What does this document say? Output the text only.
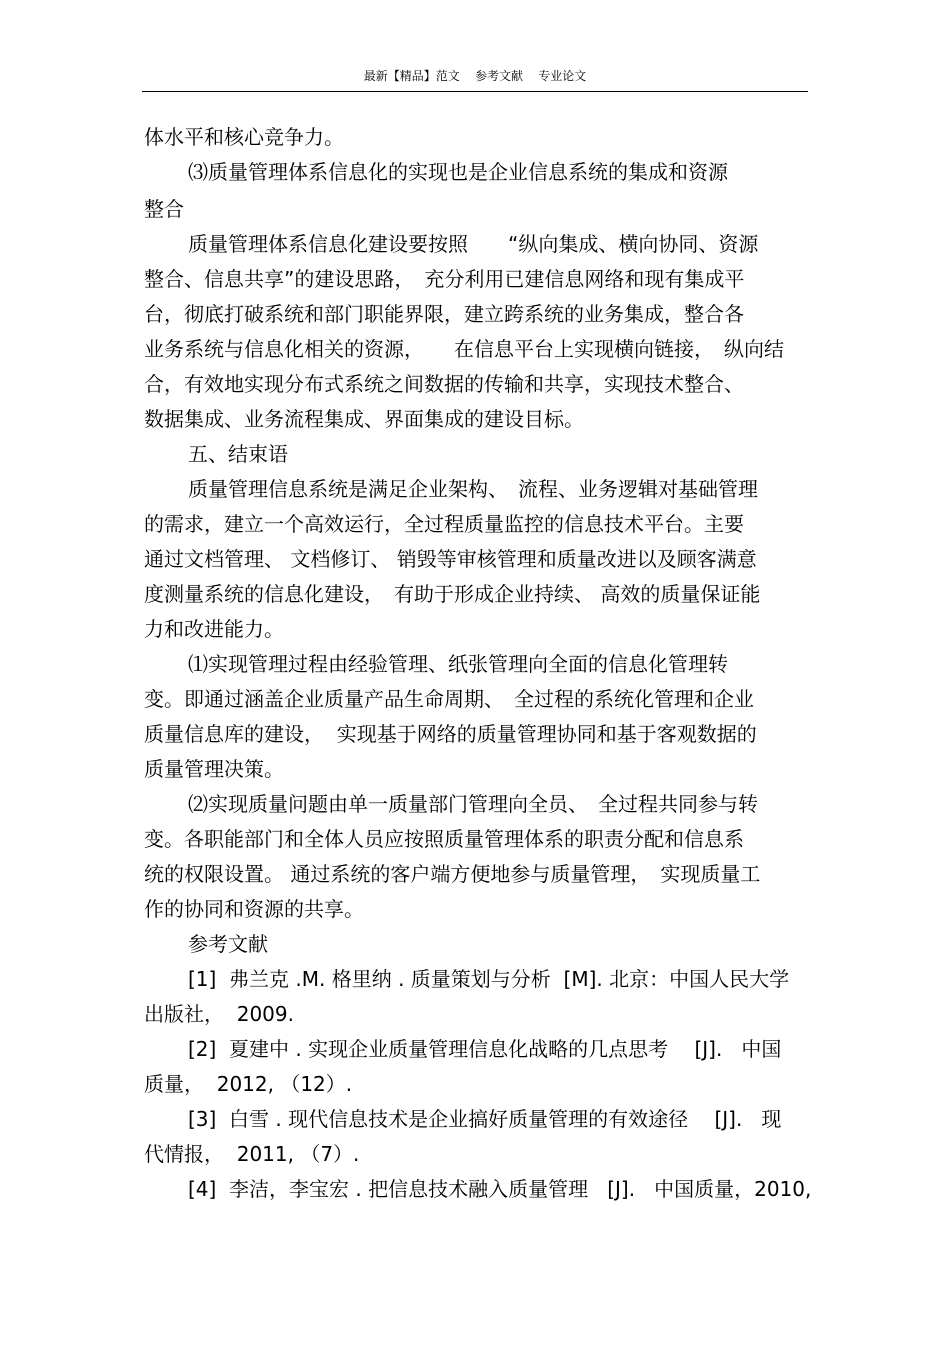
最新【精品】范文    参考文献    专业论文
体水平和核心竞争力。
⑶质量管理体系信息化的实现也是企业信息系统的集成和资源
整合
质量管理体系信息化建设要按照　　“纵向集成、横向协同、资源
整合、信息共享”的建设思路，　充分利用已建信息网络和现有集成平
台，彻底打破系统和部门职能界限，建立跨系统的业务集成，整合各
业务系统与信息化相关的资源，　　在信息平台上实现横向链接，　纵向结
合，有效地实现分布式系统之间数据的传输和共享，实现技术整合、
数据集成、业务流程集成、界面集成的建设目标。
五、结束语
质量管理信息系统是满足企业架构、　流程、业务逻辑对基础管理
的需求，建立一个高效运行，全过程质量监控的信息技术平台。主要
通过文档管理、 文档修订、 销毁等审核管理和质量改进以及顾客满意
度测量系统的信息化建设，　有助于形成企业持续、 高效的质量保证能
力和改进能力。
⑴实现管理过程由经验管理、纸张管理向全面的信息化管理转
变。即通过涵盖企业质量产品生命周期、　全过程的系统化管理和企业
质量信息库的建设，  实现基于网络的质量管理协同和基于客观数据的
质量管理决策。
⑵实现质量问题由单一质量部门管理向全员、　全过程共同参与转
变。各职能部门和全体人员应按照质量管理体系的职责分配和信息系
统的权限设置。 通过系统的客户端方便地参与质量管理，　实现质量工
作的协同和资源的共享。
参考文献
[1]  弗兰克 .M. 格里纳 . 质量策划与分析  [M]. 北京：中国人民大学
出版社，  2009.
[2]  夏建中 . 实现企业质量管理信息化战略的几点思考　 [J].   中国
质量，  2012, （12）.
[3]  白雪 . 现代信息技术是企业搞好质量管理的有效途径　 [J].   现
代情报，  2011, （7）.
[4]  李洁，李宝宏 . 把信息技术融入质量管理   [J].   中国质量，2010,
